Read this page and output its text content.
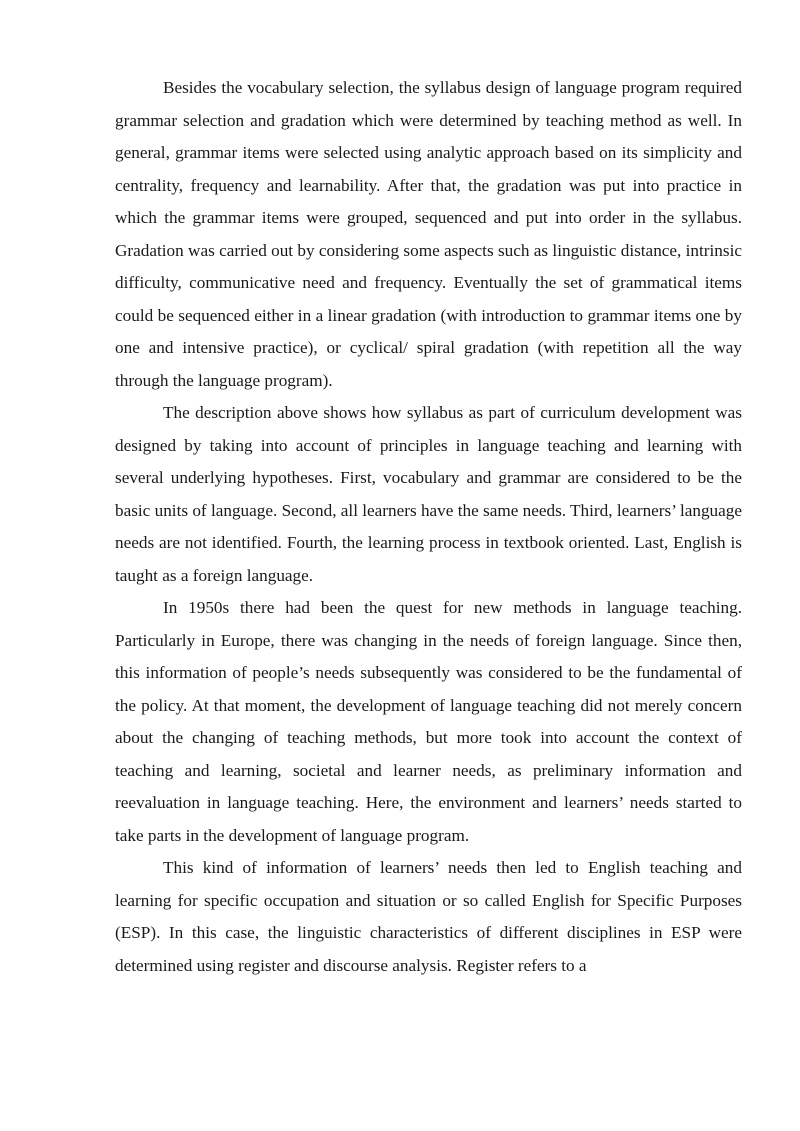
Besides the vocabulary selection, the syllabus design of language program required grammar selection and gradation which were determined by teaching method as well. In general, grammar items were selected using analytic approach based on its simplicity and centrality, frequency and learnability. After that, the gradation was put into practice in which the grammar items were grouped, sequenced and put into order in the syllabus. Gradation was carried out by considering some aspects such as linguistic distance, intrinsic difficulty, communicative need and frequency. Eventually the set of grammatical items could be sequenced either in a linear gradation (with introduction to grammar items one by one and intensive practice), or cyclical/ spiral gradation (with repetition all the way through the language program).

The description above shows how syllabus as part of curriculum development was designed by taking into account of principles in language teaching and learning with several underlying hypotheses. First, vocabulary and grammar are considered to be the basic units of language. Second, all learners have the same needs. Third, learners’ language needs are not identified. Fourth, the learning process in textbook oriented. Last, English is taught as a foreign language.

In 1950s there had been the quest for new methods in language teaching. Particularly in Europe, there was changing in the needs of foreign language. Since then, this information of people’s needs subsequently was considered to be the fundamental of the policy. At that moment, the development of language teaching did not merely concern about the changing of teaching methods, but more took into account the context of teaching and learning, societal and learner needs, as preliminary information and reevaluation in language teaching. Here, the environment and learners’ needs started to take parts in the development of language program.

This kind of information of learners’ needs then led to English teaching and learning for specific occupation and situation or so called English for Specific Purposes (ESP). In this case, the linguistic characteristics of different disciplines in ESP were determined using register and discourse analysis. Register refers to a
